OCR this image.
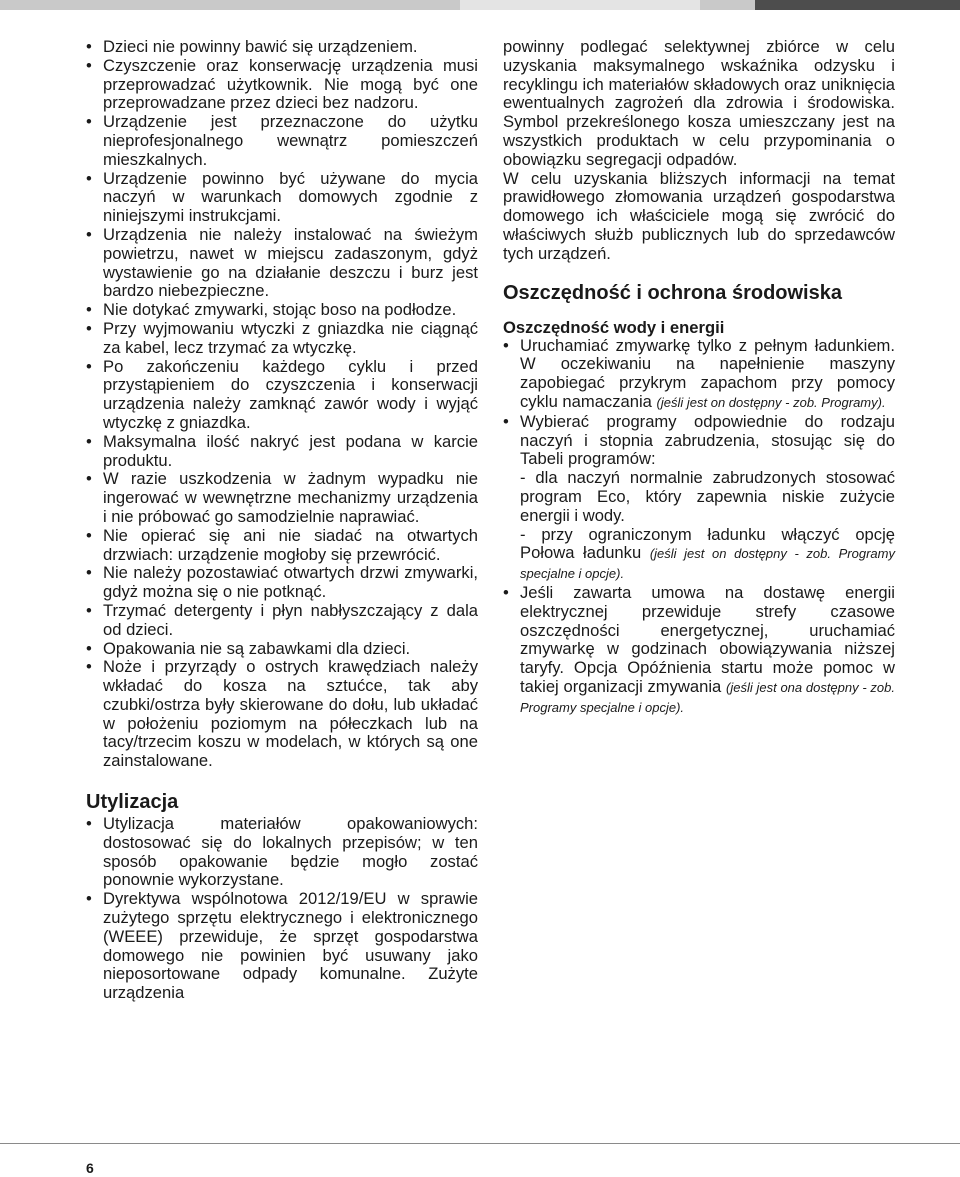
• Dzieci nie powinny bawić się urządzeniem.
• Czyszczenie oraz konserwację urządzenia musi przeprowadzać użytkownik. Nie mogą być one przeprowadzane przez dzieci bez nadzoru.
• Urządzenie jest przeznaczone do użytku nieprofesjonalnego wewnątrz pomieszczeń mieszkalnych.
• Urządzenie powinno być używane do mycia naczyń w warunkach domowych zgodnie z niniejszymi instrukcjami.
• Urządzenia nie należy instalować na świeżym powietrzu, nawet w miejscu zadaszonym, gdyż wystawienie go na działanie deszczu i burz jest bardzo niebezpieczne.
• Nie dotykać zmywarki, stojąc boso na podłodze.
• Przy wyjmowaniu wtyczki z gniazdka nie ciągnąć za kabel, lecz trzymać za wtyczkę.
• Po zakończeniu każdego cyklu i przed przystąpieniem do czyszczenia i konserwacji urządzenia należy zamknąć zawór wody i wyjąć wtyczkę z gniazdka.
• Maksymalna ilość nakryć jest podana w karcie produktu.
• W razie uszkodzenia w żadnym wypadku nie ingerować w wewnętrzne mechanizmy urządzenia i nie próbować go samodzielnie naprawiać.
• Nie opierać się ani nie siadać na otwartych drzwiach: urządzenie mogłoby się przewrócić.
• Nie należy pozostawiać otwartych drzwi zmywarki, gdyż można się o nie potknąć.
• Trzymać detergenty i płyn nabłyszczający z dala od dzieci.
• Opakowania nie są zabawkami dla dzieci.
• Noże i przyrządy o ostrych krawędziach należy wkładać do kosza na sztućce, tak aby czubki/ostrza były skierowane do dołu, lub układać w położeniu poziomym na półeczkach lub na tacy/trzecim koszu w modelach, w których są one zainstalowane.
Utylizacja
• Utylizacja materiałów opakowaniowych: dostosować się do lokalnych przepisów; w ten sposób opakowanie będzie mogło zostać ponownie wykorzystane.
• Dyrektywa wspólnotowa 2012/19/EU w sprawie zużytego sprzętu elektrycznego i elektronicznego (WEEE) przewiduje, że sprzęt gospodarstwa domowego nie powinien być usuwany jako nieposortowane odpady komunalne. Zużyte urządzenia
powinny podlegać selektywnej zbiórce w celu uzyskania maksymalnego wskaźnika odzysku i recyklingu ich materiałów składowych oraz uniknięcia ewentualnych zagrożeń dla zdrowia i środowiska. Symbol przekreślonego kosza umieszczany jest na wszystkich produktach w celu przypominania o obowiązku segregacji odpadów.
W celu uzyskania bliższych informacji na temat prawidłowego złomowania urządzeń gospodarstwa domowego ich właściciele mogą się zwrócić do właściwych służb publicznych lub do sprzedawców tych urządzeń.
Oszczędność i ochrona środowiska
Oszczędność wody i energii
• Uruchamiać zmywarkę tylko z pełnym ładunkiem. W oczekiwaniu na napełnienie maszyny zapobiegać przykrym zapachom przy pomocy cyklu namaczania (jeśli jest on dostępny - zob. Programy).
• Wybierać programy odpowiednie do rodzaju naczyń i stopnia zabrudzenia, stosując się do Tabeli programów:
- dla naczyń normalnie zabrudzonych stosować program Eco, który zapewnia niskie zużycie energii i wody.
- przy ograniczonym ładunku włączyć opcję Połowa ładunku (jeśli jest on dostępny - zob. Programy specjalne i opcje).
• Jeśli zawarta umowa na dostawę energii elektrycznej przewiduje strefy czasowe oszczędności energetycznej, uruchamiać zmywarkę w godzinach obowiązywania niższej taryfy. Opcja Opóźnienia startu może pomoc w takiej organizacji zmywania (jeśli jest ona dostępny - zob. Programy specjalne i opcje).
6
